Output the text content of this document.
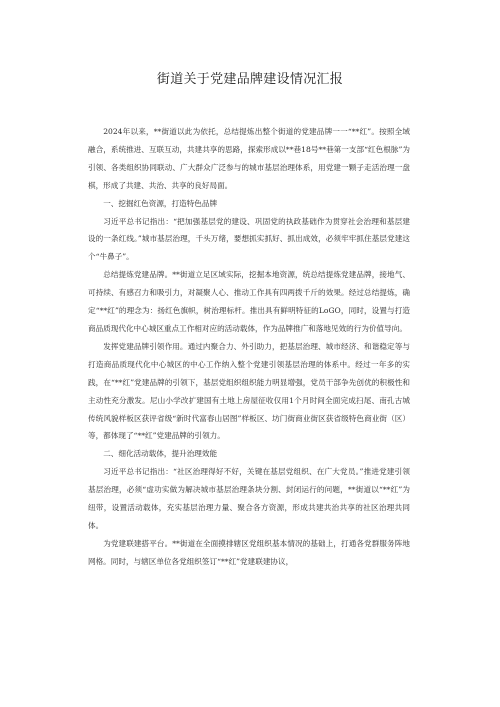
街道关于党建品牌建设情况汇报

2024年以来，**街道以此为依托，总结提炼出整个街道的党建品牌一一“**红”。按照全域融合，系统推进、互联互动，共建共享的思路，探索形成以**巷18号**巷第一支部“红色根脉”为引领、各类组织协同联动、广大群众广泛参与的城市基层治理体系，用党建一颗子走活治理一盘棋，形成了共建、共治、共享的良好局面。

一、挖掘红色资源，打造特色品牌

习近平总书记指出：“把加强基层党的建设、巩固党的执政基础作为贯穿社会治理和基层建设的一条红线。”城市基层治理，千头万绪，要想抓实抓好、抓出成效，必须牢牢抓住基层党建这个“牛鼻子”。

总结提炼党建品牌。**街道立足区域实际，挖掘本地资源，统总结提炼党建品牌，接地气、可持续、有感召力和吸引力，对凝聚人心、推动工作具有四两拨千斤的效果。经过总结提炼，确定“**红”的理念为：扬红色旗帜，树治理标杆。推出具有鲜明特征的LoGO，同时，设置与打造商品质现代化中心城区重点工作相对应的活动载体，作为品牌推广和落地见效的行为价值导向。

发挥党建品牌引领作用。通过内聚合力、外引助力，把基层治理、城市经济、和谐稳定等与打造商品质现代化中心城区的中心工作纳入整个党建引领基层治理的体系中。经过一年多的实践，在“**红”党建品牌的引领下，基层党组织组织能力明显增强，党员干部争先创优的积极性和主动性充分激发。尼山小学改扩建国有土地上房屋征收仅用1个月时间全面完成扫尾、南孔古城传统风貌样板区获评省级“新时代富春山居图”样板区、坊门街商业街区获省级特色商业街（区）等，都体现了“**红”党建品牌的引领力。

二、细化活动载体，提升治理效能

习近平总书记指出：“社区治理得好不好，关键在基层党组织、在广大党员。”推进党建引领基层治理，必须“虚功实做为解决城市基层治理条块分割、封闭运行的问题，**街道以“**红”为纽带，设置活动载体，充实基层治理力量、聚合各方资源，形成共建共治共享的社区治理共同体。

为党建联建搭平台。**街道在全面摸排辖区党组织基本情况的基础上，打通各党群服务阵地网格。同时，与辖区单位各党组织签订“**红”党建联建协议，
